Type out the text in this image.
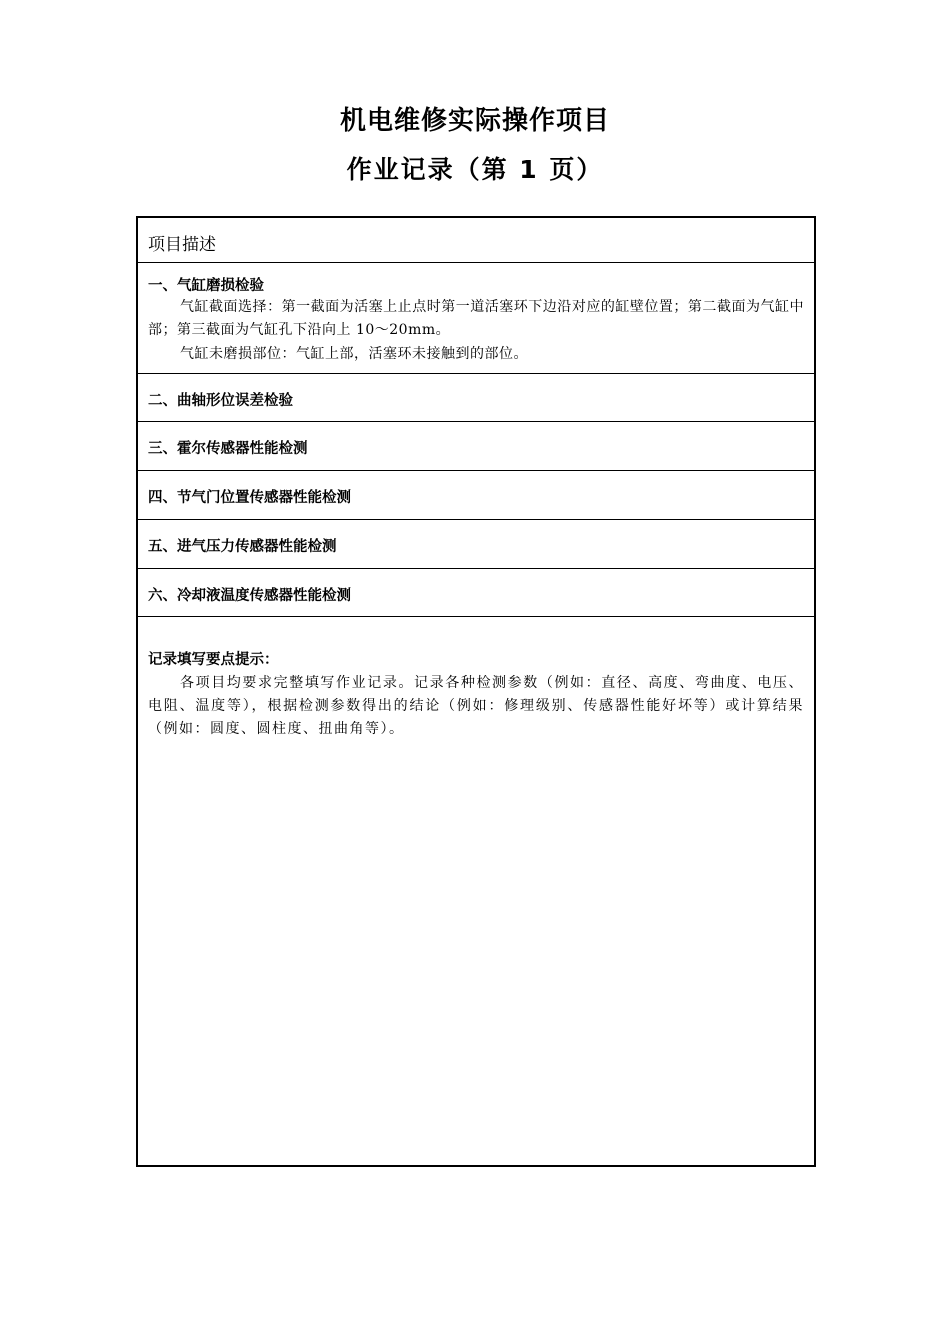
机电维修实际操作项目
作业记录（第 1 页）
项目描述
一、气缸磨损检验
气缸截面选择：第一截面为活塞上止点时第一道活塞环下边沿对应的缸壁位置；第二截面为气缸中部；第三截面为气缸孔下沿向上 10～20mm。
气缸未磨损部位：气缸上部，活塞环未接触到的部位。
二、曲轴形位误差检验
三、霍尔传感器性能检测
四、节气门位置传感器性能检测
五、进气压力传感器性能检测
六、冷却液温度传感器性能检测
记录填写要点提示：
各项目均要求完整填写作业记录。记录各种检测参数（例如：直径、高度、弯曲度、电压、电阻、温度等），根据检测参数得出的结论（例如：修理级别、传感器性能好坏等）或计算结果（例如：圆度、圆柱度、扭曲角等）。
